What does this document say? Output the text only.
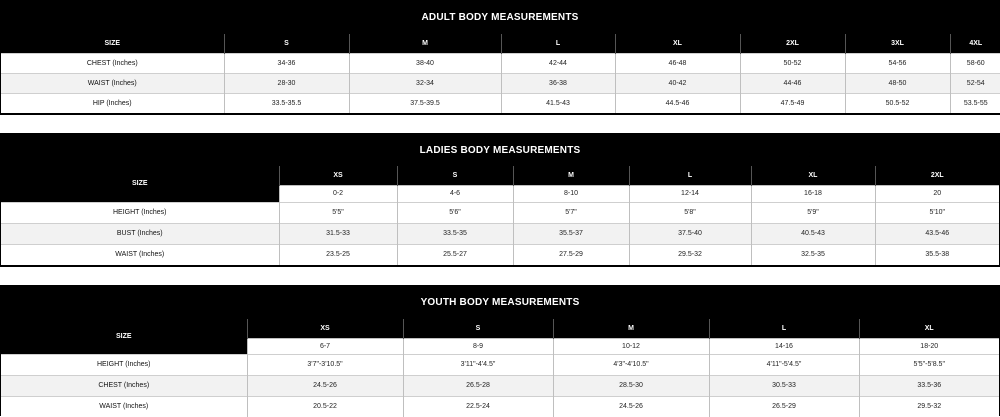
ADULT BODY MEASUREMENTS
SIZE	S	M	L	XL	2XL	3XL	4XL
CHEST (Inches)	34-36	38-40	42-44	46-48	50-52	54-56	58-60
WAIST (Inches)	28-30	32-34	36-38	40-42	44-46	48-50	52-54
HIP (Inches)	33.5-35.5	37.5-39.5	41.5-43	44.5-46	47.5-49	50.5-52	53.5-55
LADIES BODY MEASUREMENTS
SIZE	XS	S	M	L	XL	2XL
	0-2	4-6	8-10	12-14	16-18	20
HEIGHT (Inches)	5'5"	5'6"	5'7"	5'8"	5'9"	5'10"
BUST (Inches)	31.5-33	33.5-35	35.5-37	37.5-40	40.5-43	43.5-46
WAIST (Inches)	23.5-25	25.5-27	27.5-29	29.5-32	32.5-35	35.5-38
YOUTH BODY MEASUREMENTS
SIZE	XS	S	M	L	XL
	6-7	8-9	10-12	14-16	18-20
HEIGHT (Inches)	3'7"-3'10.5"	3'11"-4'4.5"	4'3"-4'10.5"	4'11"-5'4.5"	5'5"-5'8.5"
CHEST (Inches)	24.5-26	26.5-28	28.5-30	30.5-33	33.5-36
WAIST (Inches)	20.5-22	22.5-24	24.5-26	26.5-29	29.5-32
